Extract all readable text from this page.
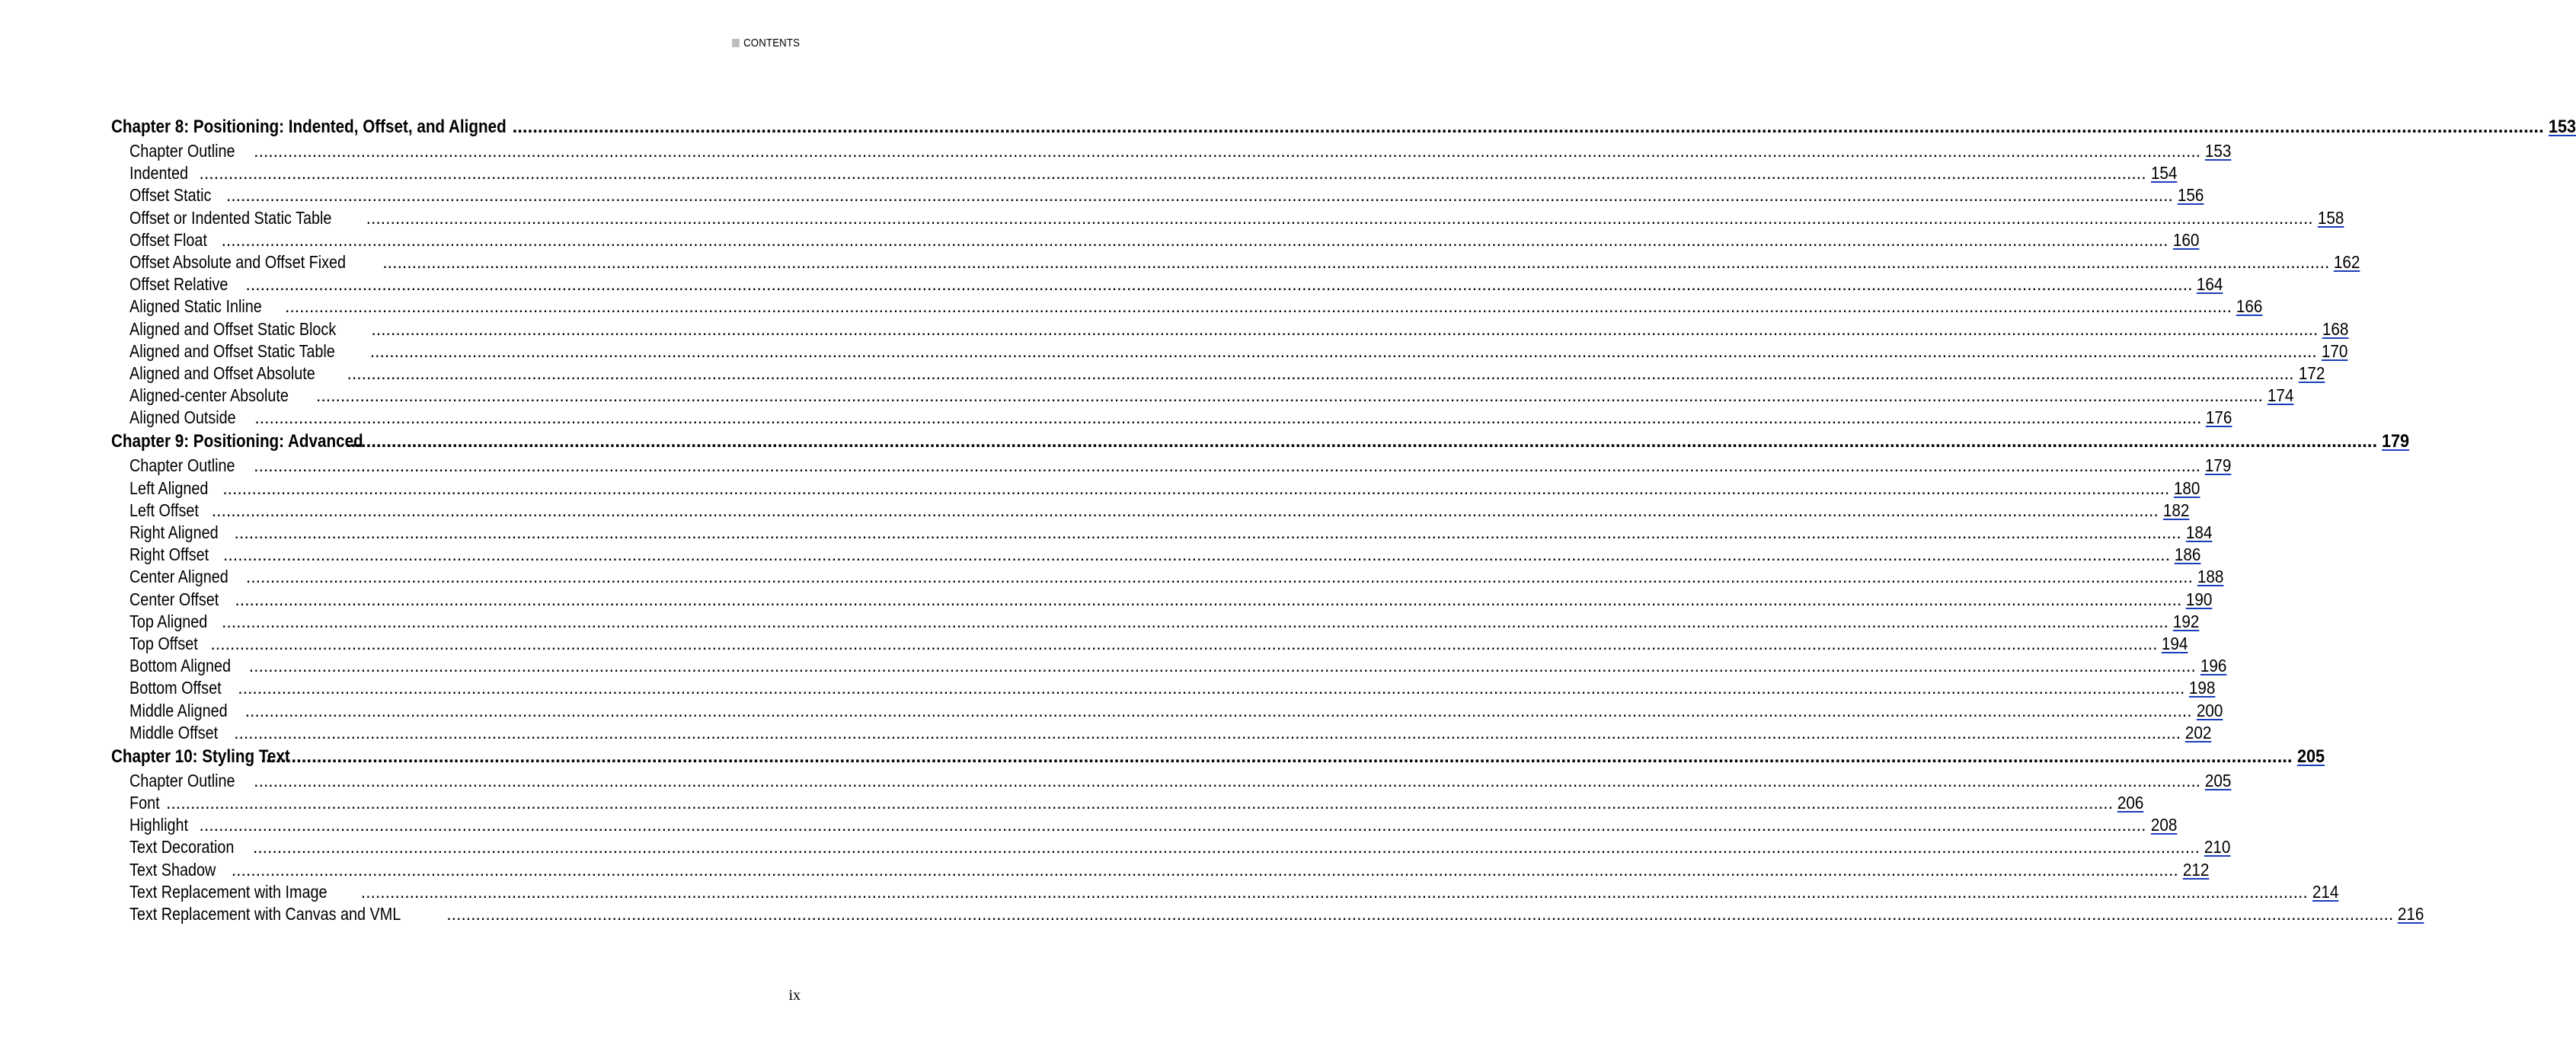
CONTENTS
Chapter 8: Positioning: Indented, Offset, and Aligned ................................................................................................................................................................................................................................................................................................................................................................................................................ 153
Chapter Outline ................................................................................................................................................................................................................................................................................................................................................................................................................ 153
Indented ................................................................................................................................................................................................................................................................................................................................................................................................................ 154
Offset Static ................................................................................................................................................................................................................................................................................................................................................................................................................ 156
Offset or Indented Static Table ................................................................................................................................................................................................................................................................................................................................................................................................................ 158
Offset Float ................................................................................................................................................................................................................................................................................................................................................................................................................ 160
Offset Absolute and Offset Fixed ................................................................................................................................................................................................................................................................................................................................................................................................................ 162
Offset Relative ................................................................................................................................................................................................................................................................................................................................................................................................................ 164
Aligned Static Inline ................................................................................................................................................................................................................................................................................................................................................................................................................ 166
Aligned and Offset Static Block ................................................................................................................................................................................................................................................................................................................................................................................................................ 168
Aligned and Offset Static Table ................................................................................................................................................................................................................................................................................................................................................................................................................ 170
Aligned and Offset Absolute ................................................................................................................................................................................................................................................................................................................................................................................................................ 172
Aligned-center Absolute ................................................................................................................................................................................................................................................................................................................................................................................................................ 174
Aligned Outside ................................................................................................................................................................................................................................................................................................................................................................................................................ 176
Chapter 9: Positioning: Advanced
................................................................................................................................................................................................................................................................................................................................................................................................................ 179
Chapter Outline ................................................................................................................................................................................................................................................................................................................................................................................................................ 179
Left Aligned ................................................................................................................................................................................................................................................................................................................................................................................................................ 180
Left Offset ................................................................................................................................................................................................................................................................................................................................................................................................................ 182
Right Aligned ................................................................................................................................................................................................................................................................................................................................................................................................................ 184
Right Offset ................................................................................................................................................................................................................................................................................................................................................................................................................ 186
Center Aligned ................................................................................................................................................................................................................................................................................................................................................................................................................ 188
Center Offset ................................................................................................................................................................................................................................................................................................................................................................................................................ 190
Top Aligned ................................................................................................................................................................................................................................................................................................................................................................................................................ 192
Top Offset ................................................................................................................................................................................................................................................................................................................................................................................................................ 194
Bottom Aligned ................................................................................................................................................................................................................................................................................................................................................................................................................ 196
Bottom Offset ................................................................................................................................................................................................................................................................................................................................................................................................................ 198
Middle Aligned ................................................................................................................................................................................................................................................................................................................................................................................................................ 200
Middle Offset ................................................................................................................................................................................................................................................................................................................................................................................................................ 202
Chapter 10: Styling Text
................................................................................................................................................................................................................................................................................................................................................................................................................ 205
Chapter Outline ................................................................................................................................................................................................................................................................................................................................................................................................................ 205
Font ................................................................................................................................................................................................................................................................................................................................................................................................................ 206
Highlight ................................................................................................................................................................................................................................................................................................................................................................................................................ 208
Text Decoration ................................................................................................................................................................................................................................................................................................................................................................................................................ 210
Text Shadow ................................................................................................................................................................................................................................................................................................................................................................................................................ 212
Text Replacement with Image ................................................................................................................................................................................................................................................................................................................................................................................................................ 214
Text Replacement with Canvas and VML	................................................................................................................................................................................................................................................................................................................................................................................................................ 216
ix
